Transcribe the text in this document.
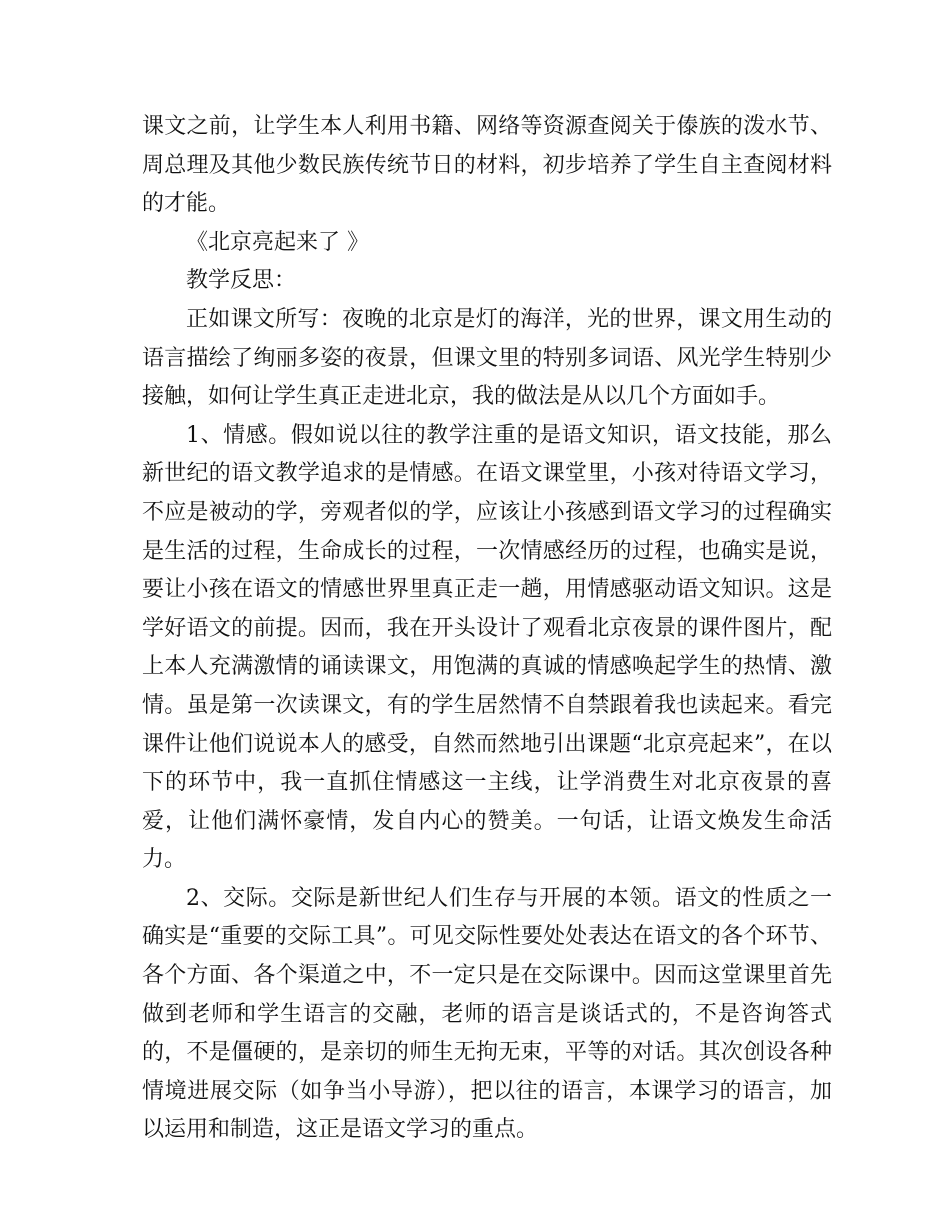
课文之前，让学生本人利用书籍、网络等资源查阅关于傣族的泼水节、周总理及其他少数民族传统节日的材料，初步培养了学生自主查阅材料的才能。

《北京亮起来了 》

教学反思：

正如课文所写：夜晚的北京是灯的海洋，光的世界，课文用生动的语言描绘了绚丽多姿的夜景，但课文里的特别多词语、风光学生特别少接触，如何让学生真正走进北京，我的做法是从以几个方面如手。

1、情感。假如说以往的教学注重的是语文知识，语文技能，那么新世纪的语文教学追求的是情感。在语文课堂里，小孩对待语文学习，不应是被动的学，旁观者似的学，应该让小孩感到语文学习的过程确实是生活的过程，生命成长的过程，一次情感经历的过程，也确实是说，要让小孩在语文的情感世界里真正走一趟，用情感驱动语文知识。这是学好语文的前提。因而，我在开头设计了观看北京夜景的课件图片，配上本人充满激情的诵读课文，用饱满的真诚的情感唤起学生的热情、激情。虽是第一次读课文，有的学生居然情不自禁跟着我也读起来。看完课件让他们说说本人的感受，自然而然地引出课题“北京亮起来”，在以下的环节中，我一直抓住情感这一主线，让学消费生对北京夜景的喜爱，让他们满怀豪情，发自内心的赞美。一句话，让语文焕发生命活力。

2、交际。交际是新世纪人们生存与开展的本领。语文的性质之一确实是“重要的交际工具”。可见交际性要处处表达在语文的各个环节、各个方面、各个渠道之中，不一定只是在交际课中。因而这堂课里首先做到老师和学生语言的交融，老师的语言是谈话式的，不是咨询答式的，不是僵硬的，是亲切的师生无拘无束，平等的对话。其次创设各种情境进展交际（如争当小导游），把以往的语言，本课学习的语言，加以运用和制造，这正是语文学习的重点。
